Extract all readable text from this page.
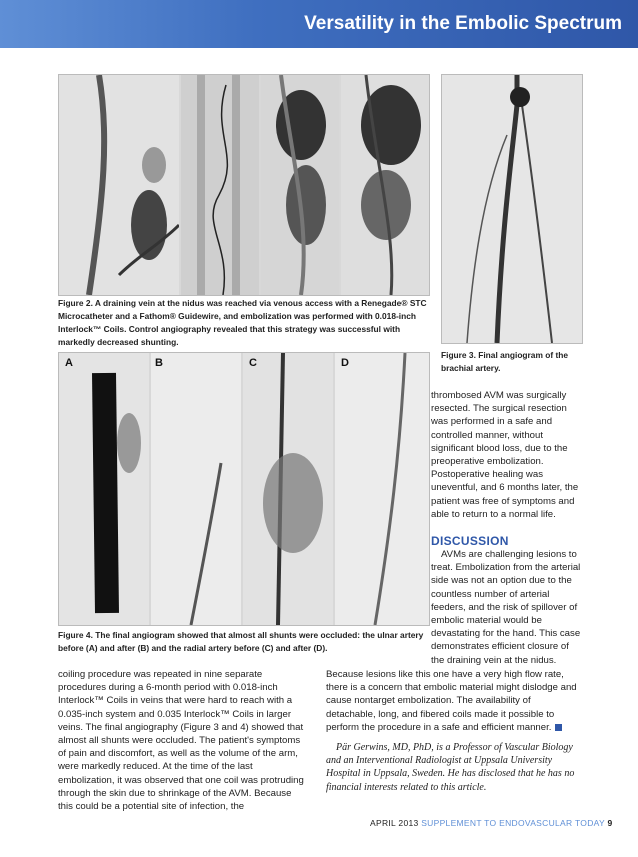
Versatility in the Embolic Spectrum
Figure 2. A draining vein at the nidus was reached via venous access with a Renegade® STC Microcatheter and a Fathom® Guidewire, and embolization was performed with 0.018-inch Interlock™ Coils. Control angiography revealed that this strategy was successful with markedly decreased shunting.
Figure 3. Final angiogram of the brachial artery.
A	B	C	D
Figure 4. The final angiogram showed that almost all shunts were occluded: the ulnar artery before (A) and after (B) and the radial artery before (C) and after (D).
thrombosed AVM was surgically resected. The surgical resection was performed in a safe and controlled manner, without significant blood loss, due to the preoperative embolization. Postoperative healing was uneventful, and 6 months later, the patient was free of symptoms and able to return to a normal life.
DISCUSSION
AVMs are challenging lesions to treat. Embolization from the arterial side was not an option due to the countless number of arterial feeders, and the risk of spillover of embolic material would be devastating for the hand. This case demonstrates efficient closure of the draining vein at the nidus.
coiling procedure was repeated in nine separate procedures during a 6-month period with 0.018-inch Interlock™ Coils in veins that were hard to reach with a 0.035-inch system and 0.035 Interlock™ Coils in larger veins. The final angiography (Figure 3 and 4) showed that almost all shunts were occluded. The patient's symptoms of pain and discomfort, as well as the volume of the arm, were markedly reduced. At the time of the last embolization, it was observed that one coil was protruding through the skin due to shrinkage of the AVM. Because this could be a potential site of infection, the
Because lesions like this one have a very high flow rate, there is a concern that embolic material might dislodge and cause nontarget embolization. The availability of detachable, long, and fibered coils made it possible to perform the procedure in a safe and efficient manner.
Pär Gerwins, MD, PhD, is a Professor of Vascular Biology and an Interventional Radiologist at Uppsala University Hospital in Uppsala, Sweden. He has disclosed that he has no financial interests related to this article.
APRIL 2013 SUPPLEMENT TO ENDOVASCULAR TODAY 9
